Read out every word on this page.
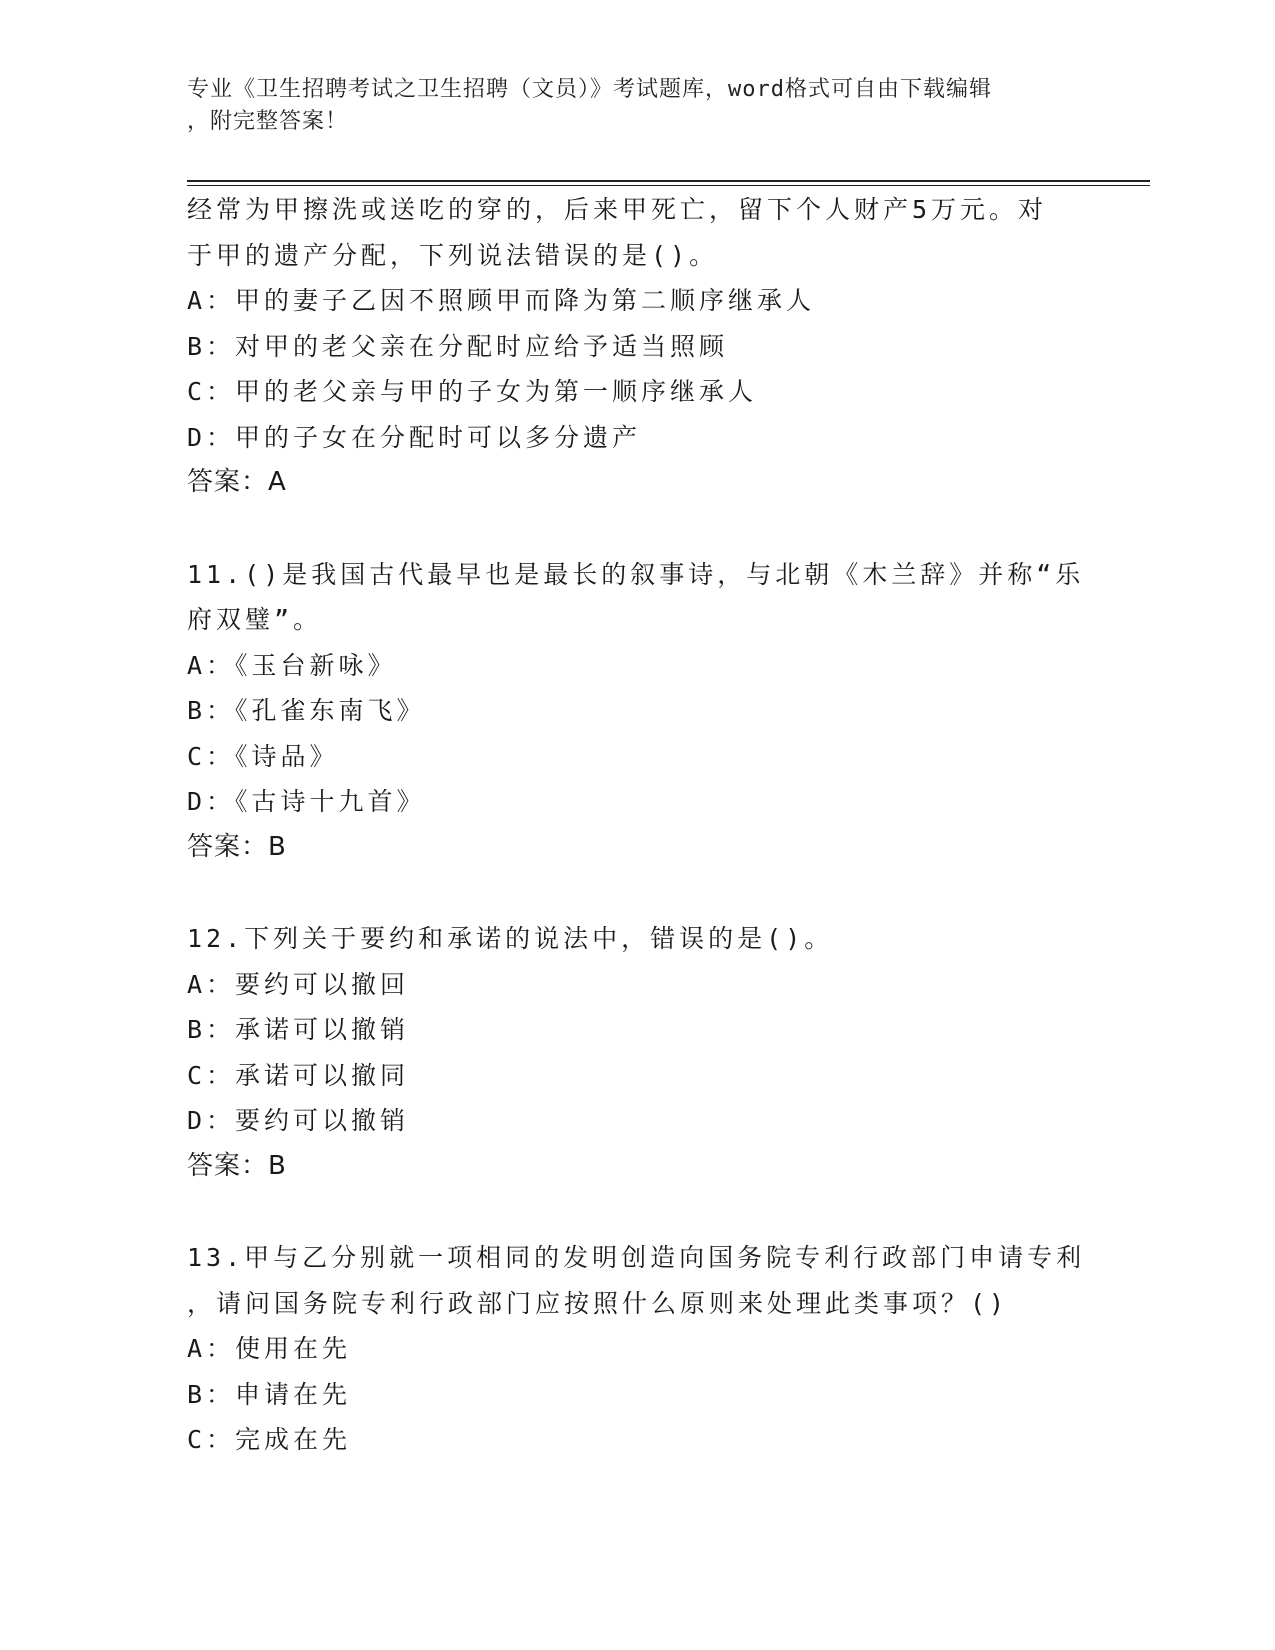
专业《卫生招聘考试之卫生招聘（文员）》考试题库，word格式可自由下载编辑
，附完整答案！
经常为甲擦洗或送吃的穿的，后来甲死亡，留下个人财产5万元。对
于甲的遗产分配，下列说法错误的是()。
A：甲的妻子乙因不照顾甲而降为第二顺序继承人
B：对甲的老父亲在分配时应给予适当照顾
C：甲的老父亲与甲的子女为第一顺序继承人
D：甲的子女在分配时可以多分遗产
答案：A
11.()是我国古代最早也是最长的叙事诗，与北朝《木兰辞》并称“乐
府双璧”。
A：《玉台新咏》
B：《孔雀东南飞》
C：《诗品》
D：《古诗十九首》
答案：B
12.下列关于要约和承诺的说法中，错误的是()。
A：要约可以撤回
B：承诺可以撤销
C：承诺可以撤同
D：要约可以撤销
答案：B
13.甲与乙分别就一项相同的发明创造向国务院专利行政部门申请专利
，请问国务院专利行政部门应按照什么原则来处理此类事项？()
A：使用在先
B：申请在先
C：完成在先
